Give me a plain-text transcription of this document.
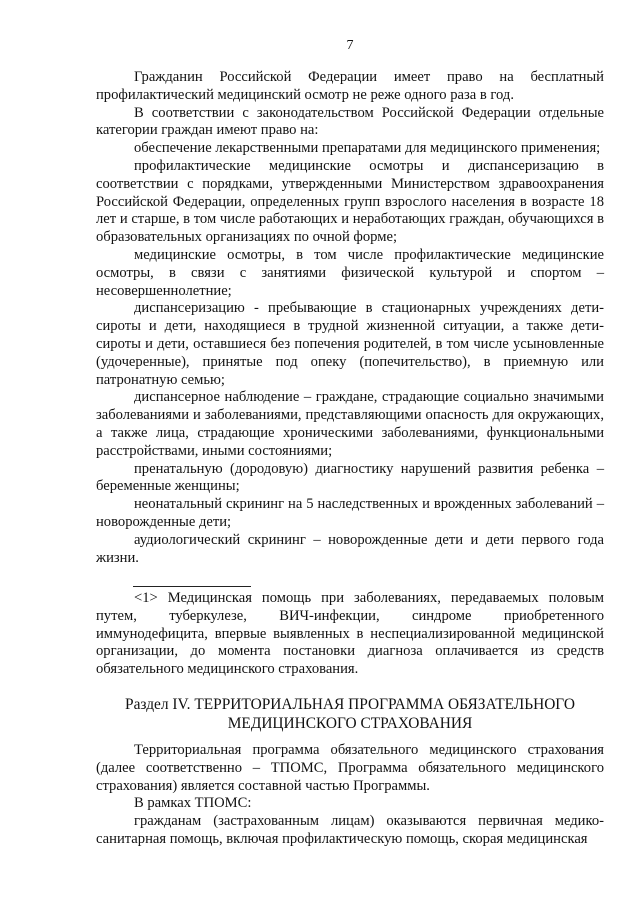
7

Гражданин Российской Федерации имеет право на бесплатный профилактический медицинский осмотр не реже одного раза в год.

В соответствии с законодательством Российской Федерации отдельные категории граждан имеют право на:

обеспечение лекарственными препаратами для медицинского применения;

профилактические медицинские осмотры и диспансеризацию в соответствии с порядками, утвержденными Министерством здравоохранения Российской Федерации, определенных групп взрослого населения в возрасте 18 лет и старше, в том числе работающих и неработающих граждан, обучающихся в образовательных организациях по очной форме;

медицинские осмотры, в том числе профилактические медицинские осмотры, в связи с занятиями физической культурой и спортом – несовершеннолетние;

диспансеризацию - пребывающие в стационарных учреждениях дети-сироты и дети, находящиеся в трудной жизненной ситуации, а также дети-сироты и дети, оставшиеся без попечения родителей, в том числе усыновленные (удочеренные), принятые под опеку (попечительство), в приемную или патронатную семью;

диспансерное наблюдение – граждане, страдающие социально значимыми заболеваниями и заболеваниями, представляющими опасность для окружающих, а также лица, страдающие хроническими заболеваниями, функциональными расстройствами, иными состояниями;

пренатальную (дородовую) диагностику нарушений развития ребенка – беременные женщины;

неонатальный скрининг на 5 наследственных и врожденных заболеваний – новорожденные дети;

аудиологический скрининг – новорожденные дети и дети первого года жизни.

<1> Медицинская помощь при заболеваниях, передаваемых половым путем, туберкулезе, ВИЧ-инфекции, синдроме приобретенного иммунодефицита, впервые выявленных в неспециализированной медицинской организации, до момента постановки диагноза оплачивается из средств обязательного медицинского страхования.

Раздел IV. ТЕРРИТОРИАЛЬНАЯ ПРОГРАММА ОБЯЗАТЕЛЬНОГО
МЕДИЦИНСКОГО СТРАХОВАНИЯ

Территориальная программа обязательного медицинского страхования (далее соответственно – ТПОМС, Программа обязательного медицинского страхования) является составной частью Программы.

В рамках ТПОМС:

гражданам (застрахованным лицам) оказываются первичная медико-санитарная помощь, включая профилактическую помощь, скорая медицинская
